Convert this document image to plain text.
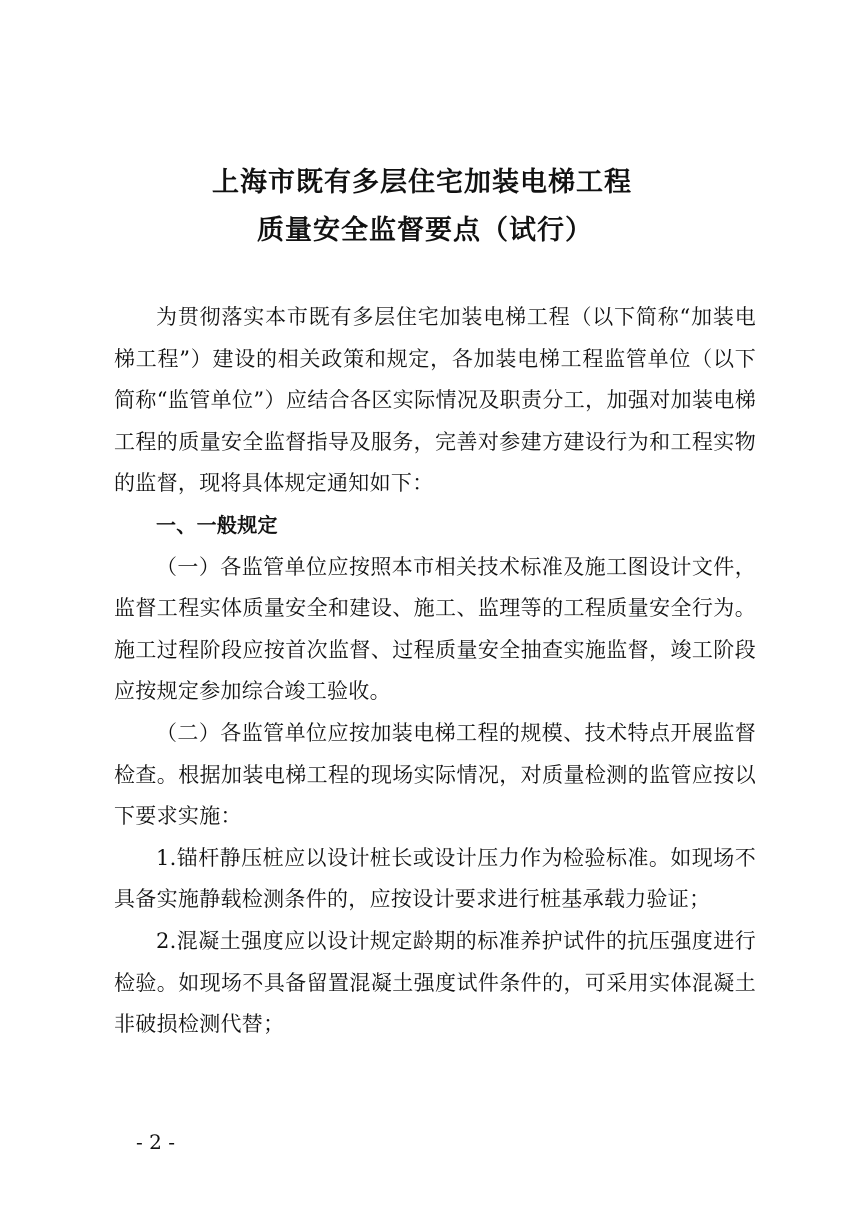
上海市既有多层住宅加装电梯工程
质量安全监督要点（试行）

为贯彻落实本市既有多层住宅加装电梯工程（以下简称“加装电梯工程”）建设的相关政策和规定，各加装电梯工程监管单位（以下简称“监管单位”）应结合各区实际情况及职责分工，加强对加装电梯工程的质量安全监督指导及服务，完善对参建方建设行为和工程实物的监督，现将具体规定通知如下：

一、一般规定

（一）各监管单位应按照本市相关技术标准及施工图设计文件，监督工程实体质量安全和建设、施工、监理等的工程质量安全行为。施工过程阶段应按首次监督、过程质量安全抽查实施监督，竣工阶段应按规定参加综合竣工验收。

（二）各监管单位应按加装电梯工程的规模、技术特点开展监督检查。根据加装电梯工程的现场实际情况，对质量检测的监管应按以下要求实施：

1.锚杆静压桩应以设计桩长或设计压力作为检验标准。如现场不具备实施静载检测条件的，应按设计要求进行桩基承载力验证；

2.混凝土强度应以设计规定龄期的标准养护试件的抗压强度进行检验。如现场不具备留置混凝土强度试件条件的，可采用实体混凝土非破损检测代替；

- 2 -
